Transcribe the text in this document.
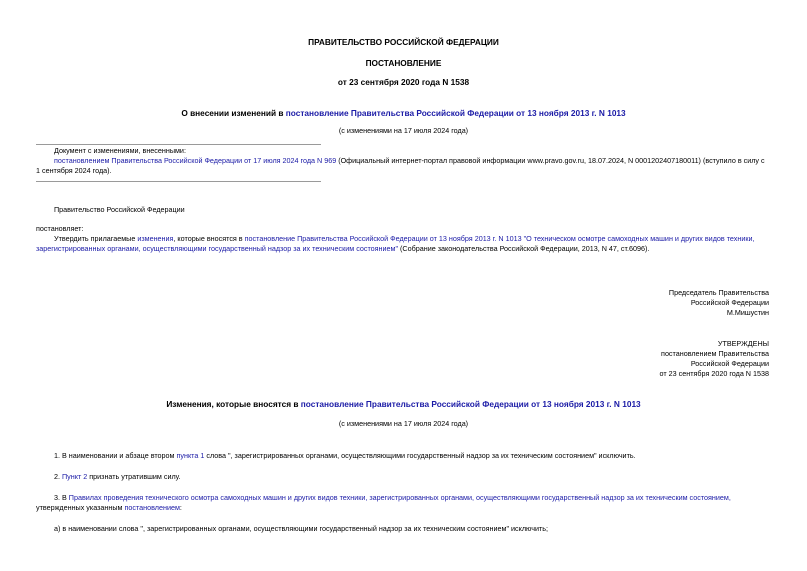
ПРАВИТЕЛЬСТВО РОССИЙСКОЙ ФЕДЕРАЦИИ
ПОСТАНОВЛЕНИЕ
от 23 сентября 2020 года N 1538
О внесении изменений в постановление Правительства Российской Федерации от 13 ноября 2013 г. N 1013
(с изменениями на 17 июля 2024 года)
Документ с изменениями, внесенными:
постановлением Правительства Российской Федерации от 17 июля 2024 года N 969 (Официальный интернет-портал правовой информации www.pravo.gov.ru, 18.07.2024, N 0001202407180011) (вступило в силу с
1 сентября 2024 года).
Правительство Российской Федерации
постановляет:
Утвердить прилагаемые изменения, которые вносятся в постановление Правительства Российской Федерации от 13 ноября 2013 г. N 1013 "О техническом осмотре самоходных машин и других видов техники,
зарегистрированных органами, осуществляющими государственный надзор за их техническим состоянием" (Собрание законодательства Российской Федерации, 2013, N 47, ст.6096).
Председатель Правительства
Российской Федерации
М.Мишустин
УТВЕРЖДЕНЫ
постановлением Правительства
Российской Федерации
от 23 сентября 2020 года N 1538
Изменения, которые вносятся в постановление Правительства Российской Федерации от 13 ноября 2013 г. N 1013
(с изменениями на 17 июля 2024 года)
1. В наименовании и абзаце втором пункта 1 слова ", зарегистрированных органами, осуществляющими государственный надзор за их техническим состоянием" исключить.
2. Пункт 2 признать утратившим силу.
3. В Правилах проведения технического осмотра самоходных машин и других видов техники, зарегистрированных органами, осуществляющими государственный надзор за их техническим состоянием,
утвержденных указанным постановлением:
а) в наименовании слова ", зарегистрированных органами, осуществляющими государственный надзор за их техническим состоянием" исключить;
